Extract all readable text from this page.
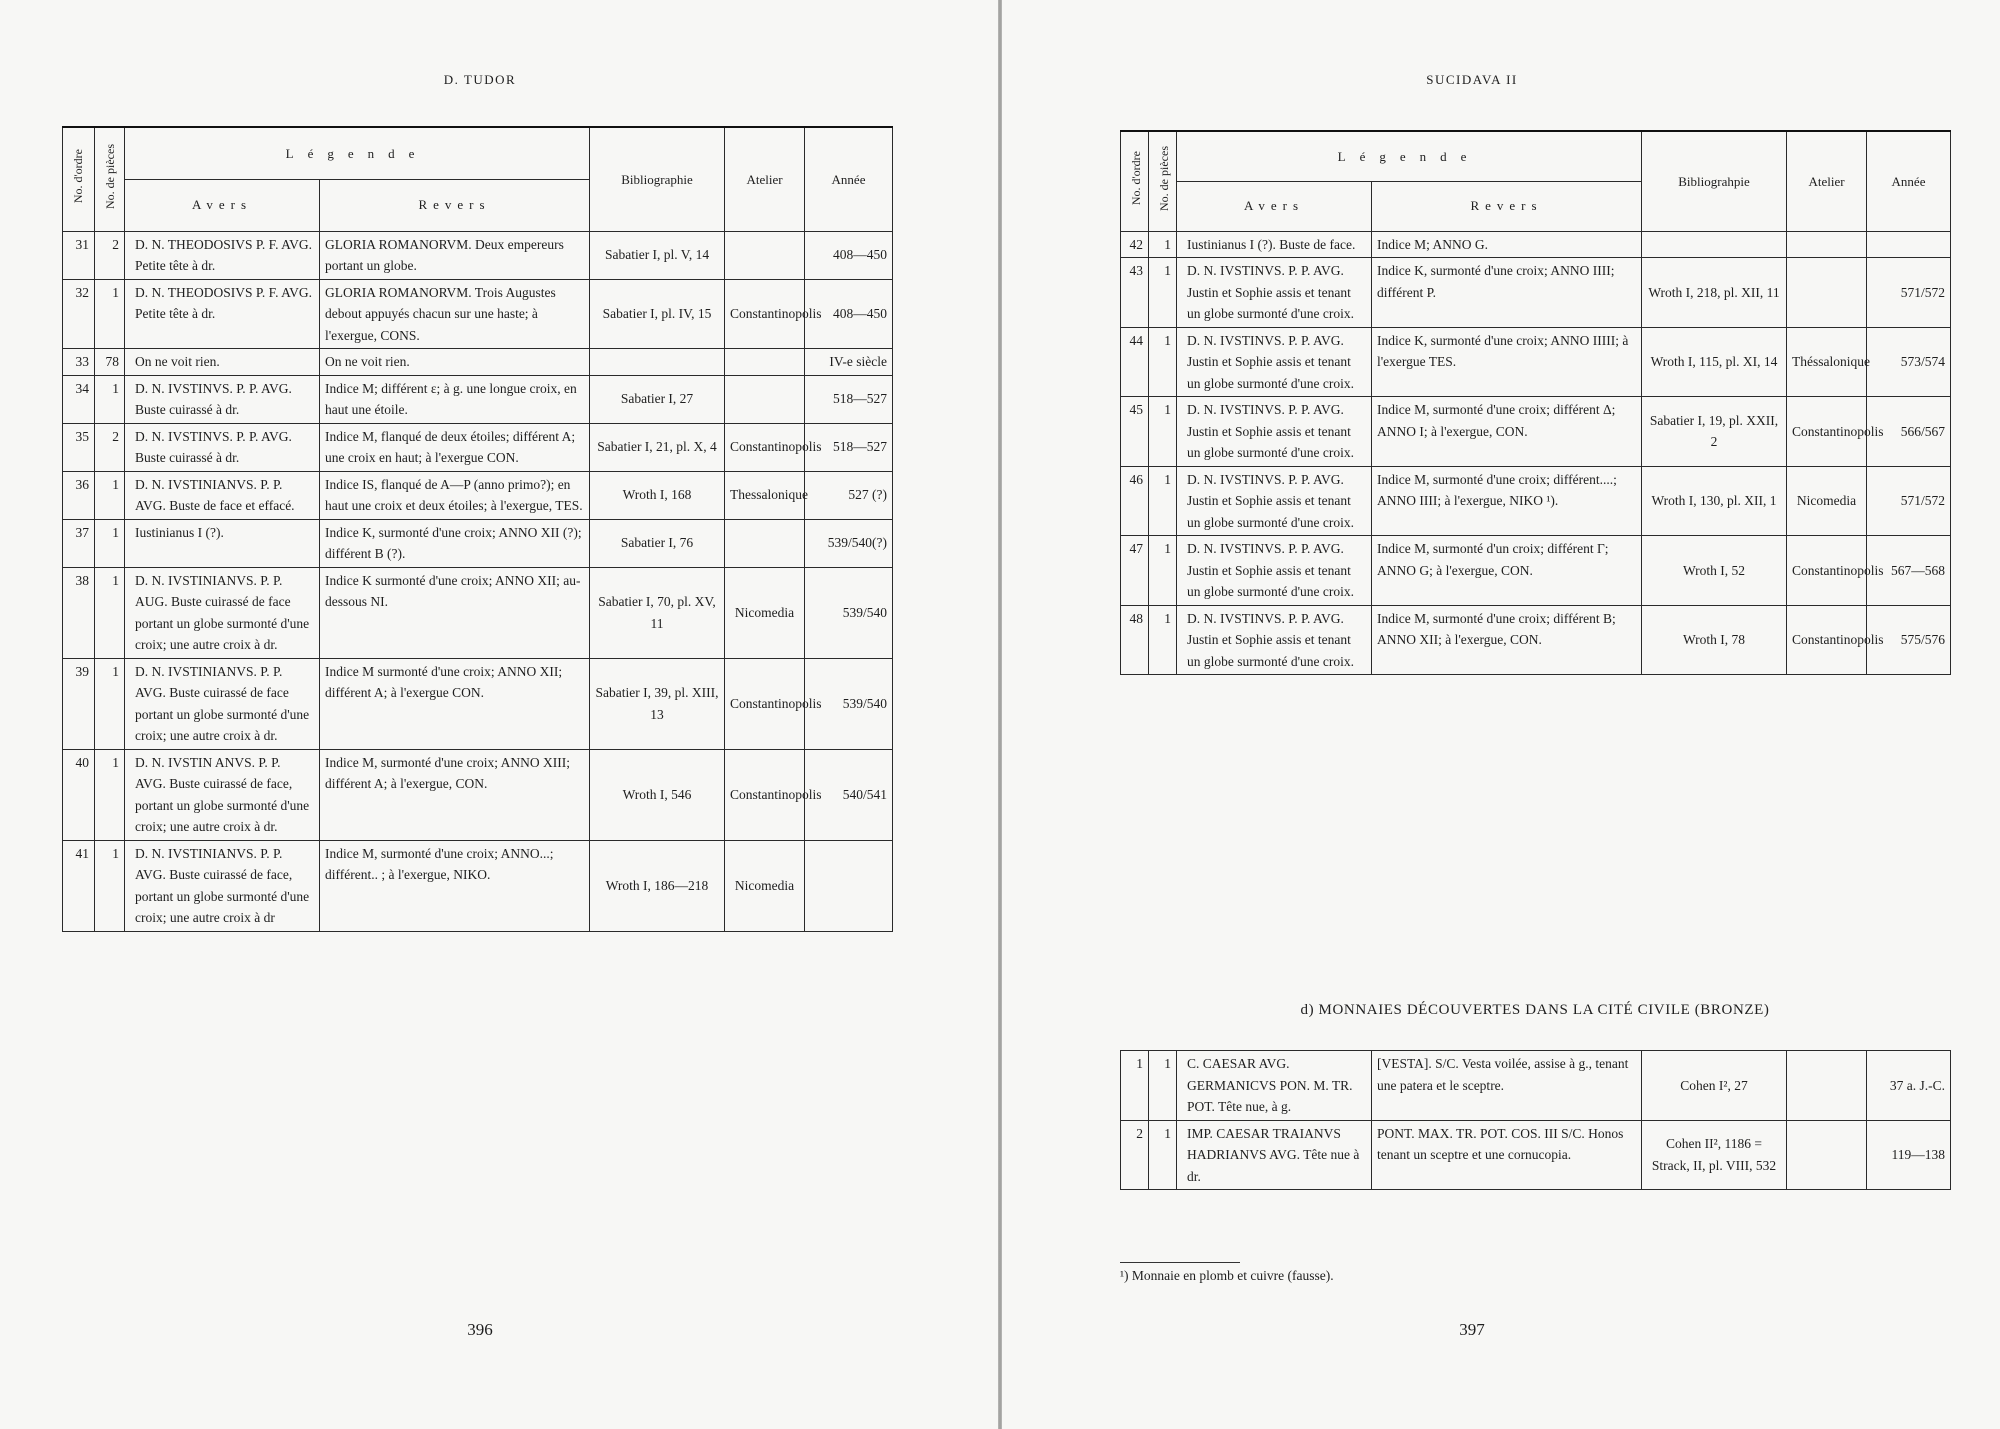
D. TUDOR
No. d'ordre	No. de pièces	Légende		Bibliographie	Atelier	Année
		Avers	Revers			
31	2	D. N. THEODOSIVS P. F. AVG. Petite tête à dr.	GLORIA ROMANORVM. Deux empereurs portant un globe.	Sabatier I, pl. V, 14		408—450
32	1	D. N. THEODOSIVS P. F. AVG. Petite tête à dr.	GLORIA ROMANORVM. Trois Augustes debout appuyés chacun sur une haste; à l'exergue, CONS.	Sabatier I, pl. IV, 15	Constantinopolis	408—450
33	78	On ne voit rien.	On ne voit rien.			IV-e siècle
34	1	D. N. IVSTINVS. P. P. AVG. Buste cuirassé à dr.	Indice M; différent ε; à g. une longue croix, en haut une étoile.	Sabatier I, 27		518—527
35	2	D. N. IVSTINVS. P. P. AVG. Buste cuirassé à dr.	Indice M, flanqué de deux étoiles; différent A; une croix en haut; à l'exergue CON.	Sabatier I, 21, pl. X, 4	Constantinopolis	518—527
36	1	D. N. IVSTINIANVS. P. P. AVG. Buste de face et effacé.	Indice IS, flanqué de A—P (anno primo?); en haut une croix et deux étoiles; à l'exergue, TES.	Wroth I, 168	Thessalonique	527 (?)
37	1	Iustinianus I (?).	Indice K, surmonté d'une croix; ANNO XII (?); différent B (?).	Sabatier I, 76		539/540(?)
38	1	D. N. IVSTINIANVS. P. P. AUG. Buste cuirassé de face portant un globe surmonté d'une croix; une autre croix à dr.	Indice K surmonté d'une croix; ANNO XII; au-dessous NI.	Sabatier I, 70, pl. XV, 11	Nicomedia	539/540
39	1	D. N. IVSTINIANVS. P. P. AVG. Buste cuirassé de face portant un globe surmonté d'une croix; une autre croix à dr.	Indice M surmonté d'une croix; ANNO XII; différent A; à l'exergue CON.	Sabatier I, 39, pl. XIII, 13	Constantinopolis	539/540
40	1	D. N. IVSTIN ANVS. P. P. AVG. Buste cuirassé de face, portant un globe surmonté d'une croix; une autre croix à dr.	Indice M, surmonté d'une croix; ANNO XIII; différent A; à l'exergue, CON.	Wroth I, 546	Constantinopolis	540/541
41	1	D. N. IVSTINIANVS. P. P. AVG. Buste cuirassé de face, portant un globe surmonté d'une croix; une autre croix à dr	Indice M, surmonté d'une croix; ANNO...; différent.. ; à l'exergue, NIKO.	Wroth I, 186—218	Nicomedia	
396
SUCIDAVA II
No. d'ordre	No. de pièces	Légende		Bibliograhpie	Atelier	Année
		Avers	Revers			
42	1	Iustinianus I (?). Buste de face.	Indice M; ANNO G.			
43	1	D. N. IVSTINVS. P. P. AVG. Justin et Sophie assis et tenant un globe surmonté d'une croix.	Indice K, surmonté d'une croix; ANNO IIII; différent P.	Wroth I, 218, pl. XII, 11		571/572
44	1	D. N. IVSTINVS. P. P. AVG. Justin et Sophie assis et tenant un globe surmonté d'une croix.	Indice K, surmonté d'une croix; ANNO IIIII; à l'exergue TES.	Wroth I, 115, pl. XI, 14	Théssalonique	573/574
45	1	D. N. IVSTINVS. P. P. AVG. Justin et Sophie assis et tenant un globe surmonté d'une croix.	Indice M, surmonté d'une croix; différent Δ; ANNO I; à l'exergue, CON.	Sabatier I, 19, pl. XXII, 2	Constantinopolis	566/567
46	1	D. N. IVSTINVS. P. P. AVG. Justin et Sophie assis et tenant un globe surmonté d'une croix.	Indice M, surmonté d'une croix; différent....; ANNO IIII; à l'exergue, NIKO ¹).	Wroth I, 130, pl. XII, 1	Nicomedia	571/572
47	1	D. N. IVSTINVS. P. P. AVG. Justin et Sophie assis et tenant un globe surmonté d'une croix.	Indice M, surmonté d'un croix; différent Γ; ANNO G; à l'exergue, CON.	Wroth I, 52	Constantinopolis	567—568
48	1	D. N. IVSTINVS. P. P. AVG. Justin et Sophie assis et tenant un globe surmonté d'une croix.	Indice M, surmonté d'une croix; différent B; ANNO XII; à l'exergue, CON.	Wroth I, 78	Constantinopolis	575/576
d) MONNAIES DÉCOUVERTES DANS LA CITÉ CIVILE (BRONZE)
1	1	C. CAESAR AVG. GERMANICVS PON. M. TR. POT. Tête nue, à g.	[VESTA]. S/C. Vesta voilée, assise à g., tenant une patera et le sceptre.	Cohen I², 27		37 a. J.-C.
2	1	IMP. CAESAR TRAIANVS HADRIANVS AVG. Tête nue à dr.	PONT. MAX. TR. POT. COS. III S/C. Honos tenant un sceptre et une cornucopia.	Cohen II², 1186 = Strack, II, pl. VIII, 532		119—138
¹) Monnaie en plomb et cuivre (fausse).
397
